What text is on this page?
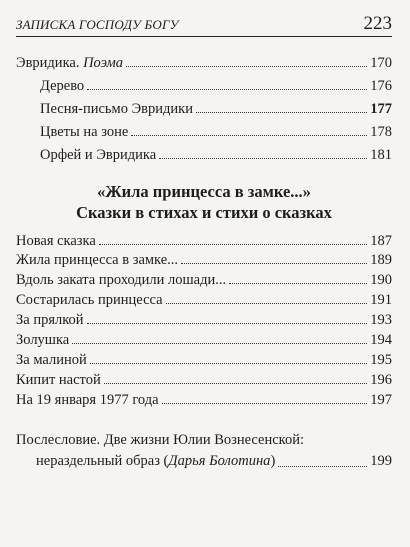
ЗАПИСКА ГОСПОДУ БОГУ	223
Эвридика. Поэма	170
Дерево	176
Песня-письмо Эвридики	177
Цветы на зоне	178
Орфей и Эвридика	181
«Жила принцесса в замке...»
Сказки в стихах и стихи о сказках
Новая сказка	187
Жила принцесса в замке...	189
Вдоль заката проходили лошади...	190
Состарилась принцесса	191
За прялкой	193
Золушка	194
За малиной	195
Кипит настой	196
На 19 января 1977 года	197
Послесловие. Две жизни Юлии Вознесенской:
нераздельный образ (Дарья Болотина)	199
